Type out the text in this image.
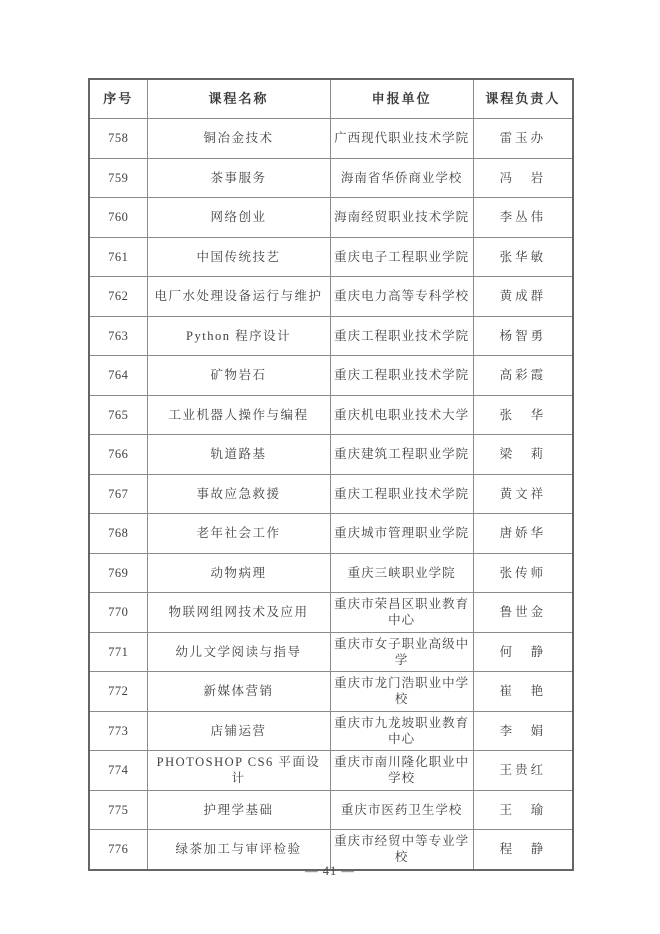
序号	课程名称	申报单位	课程负责人
758	铜冶金技术	广西现代职业技术学院	雷玉办
759	茶事服务	海南省华侨商业学校	冯　岩
760	网络创业	海南经贸职业技术学院	李丛伟
761	中国传统技艺	重庆电子工程职业学院	张华敏
762	电厂水处理设备运行与维护	重庆电力高等专科学校	黄成群
763	Python 程序设计	重庆工程职业技术学院	杨智勇
764	矿物岩石	重庆工程职业技术学院	高彩霞
765	工业机器人操作与编程	重庆机电职业技术大学	张　华
766	轨道路基	重庆建筑工程职业学院	梁　莉
767	事故应急救援	重庆工程职业技术学院	黄文祥
768	老年社会工作	重庆城市管理职业学院	唐娇华
769	动物病理	重庆三峡职业学院	张传师
770	物联网组网技术及应用	重庆市荣昌区职业教育中心	鲁世金
771	幼儿文学阅读与指导	重庆市女子职业高级中学	何　静
772	新媒体营销	重庆市龙门浩职业中学校	崔　艳
773	店铺运营	重庆市九龙坡职业教育中心	李　娟
774	PHOTOSHOP CS6 平面设计	重庆市南川隆化职业中学校	王贵红
775	护理学基础	重庆市医药卫生学校	王　瑜
776	绿茶加工与审评检验	重庆市经贸中等专业学校	程　静
— 41 —
